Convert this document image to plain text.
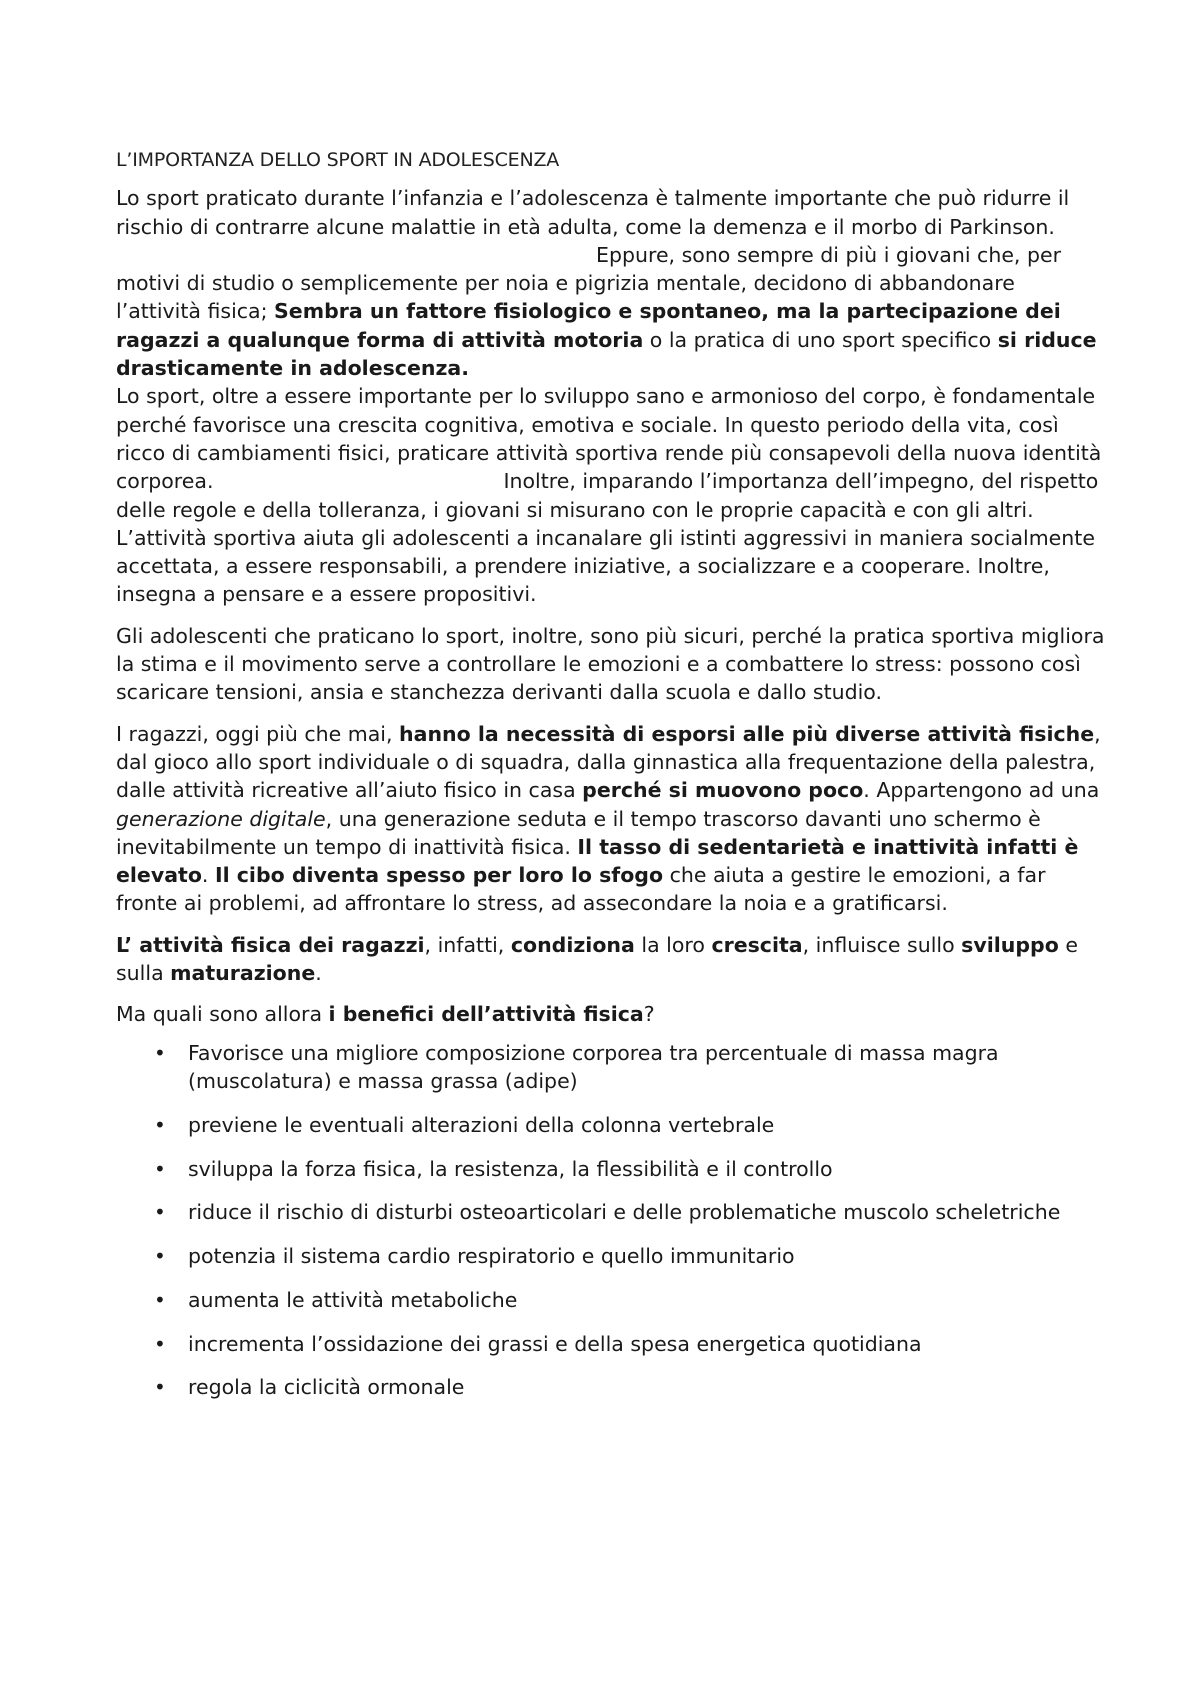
L’IMPORTANZA DELLO SPORT IN ADOLESCENZA

Lo sport praticato durante l’infanzia e l’adolescenza è talmente importante che può ridurre il rischio di contrarre alcune malattie in età adulta, come la demenza e il morbo di Parkinson.Eppure, sono sempre di più i giovani che, per motivi di studio o semplicemente per noia e pigrizia mentale, decidono di abbandonare l’attività fisica; Sembra un fattore fisiologico e spontaneo, ma la partecipazione dei ragazzi a qualunque forma di attività motoria o la pratica di uno sport specifico si riduce drasticamente in adolescenza.

Lo sport, oltre a essere importante per lo sviluppo sano e armonioso del corpo, è fondamentale perché favorisce una crescita cognitiva, emotiva e sociale. In questo periodo della vita, così ricco di cambiamenti fisici, praticare attività sportiva rende più consapevoli della nuova identità corporea.	Inoltre, imparando l’importanza dell’impegno, del rispetto delle regole e della tolleranza, i giovani si misurano con le proprie capacità e con gli altri. L’attività sportiva aiuta gli adolescenti a incanalare gli istinti aggressivi in maniera socialmente accettata, a essere responsabili, a prendere iniziative, a socializzare e a cooperare. Inoltre, insegna a pensare e a essere propositivi.

Gli adolescenti che praticano lo sport, inoltre, sono più sicuri, perché la pratica sportiva migliora la stima e il movimento serve a controllare le emozioni e a combattere lo stress: possono così scaricare tensioni, ansia e stanchezza derivanti dalla scuola e dallo studio.

I ragazzi, oggi più che mai, hanno la necessità di esporsi alle più diverse attività fisiche, dal gioco allo sport individuale o di squadra, dalla ginnastica alla frequentazione della palestra, dalle attività ricreative all’aiuto fisico in casa perché si muovono poco. Appartengono ad una generazione digitale, una generazione seduta e il tempo trascorso davanti uno schermo è inevitabilmente un tempo di inattività fisica. Il tasso di sedentarietà e inattività infatti è elevato. Il cibo diventa spesso per loro lo sfogo che aiuta a gestire le emozioni, a far fronte ai problemi, ad affrontare lo stress, ad assecondare la noia e a gratificarsi.

L’ attività fisica dei ragazzi, infatti, condiziona la loro crescita, influisce sullo sviluppo e sulla maturazione.

Ma quali sono allora i benefici dell’attività fisica?

• Favorisce una migliore composizione corporea tra percentuale di massa magra (muscolatura) e massa grassa (adipe)
• previene le eventuali alterazioni della colonna vertebrale
• sviluppa la forza fisica, la resistenza, la flessibilità e il controllo
• riduce il rischio di disturbi osteoarticolari e delle problematiche muscolo scheletriche
• potenzia il sistema cardio respiratorio e quello immunitario
• aumenta le attività metaboliche
• incrementa l’ossidazione dei grassi e della spesa energetica quotidiana
• regola la ciclicità ormonale
